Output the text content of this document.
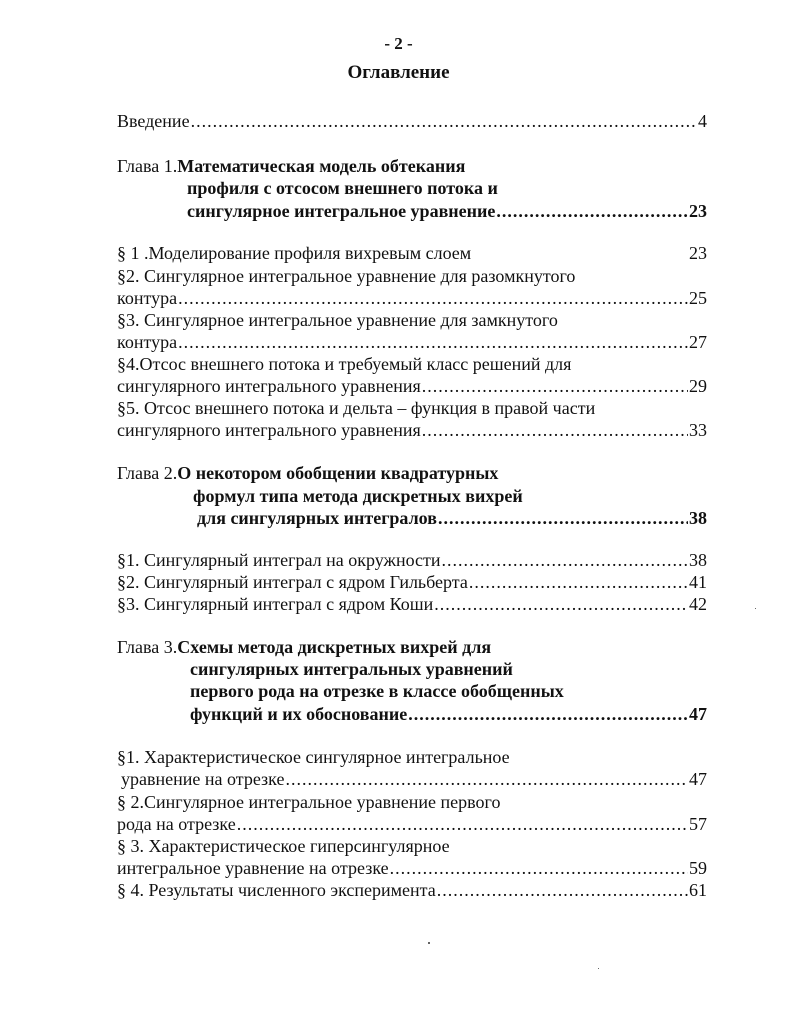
- 2 -
Оглавление
Введение .....	4
Глава 1. Математическая модель обтекания
профиля с отсосом внешнего потока и
сингулярное интегральное уравнение .....	23
§ 1 .Моделирование профиля вихревым слоем	23
§2. Сингулярное интегральное уравнение для разомкнутого
контура .....	25
§3. Сингулярное интегральное уравнение для замкнутого
контура .....	27
§4.Отсос внешнего потока и требуемый класс решений для
сингулярного интегрального уравнения .....	29
§5. Отсос внешнего потока и дельта – функция в правой части
сингулярного интегрального уравнения .....	33
Глава 2. О некотором обобщении квадратурных
формул типа метода дискретных вихрей
для сингулярных интегралов .....	38
§1. Сингулярный интеграл на окружности .....	38
§2. Сингулярный интеграл с ядром Гильберта .....	41
§3. Сингулярный интеграл с ядром Коши .....	42
Глава 3. Схемы метода дискретных вихрей для
сингулярных интегральных уравнений
первого рода на отрезке в классе обобщенных
функций и их обоснование .....	47
§1. Характеристическое сингулярное интегральное
уравнение на отрезке .....	47
§ 2.Сингулярное интегральное уравнение первого
рода на отрезке .....	57
§ 3. Характеристическое гиперсингулярное
интегральное уравнение на отрезке .....	59
§ 4. Результаты численного эксперимента .....	61
